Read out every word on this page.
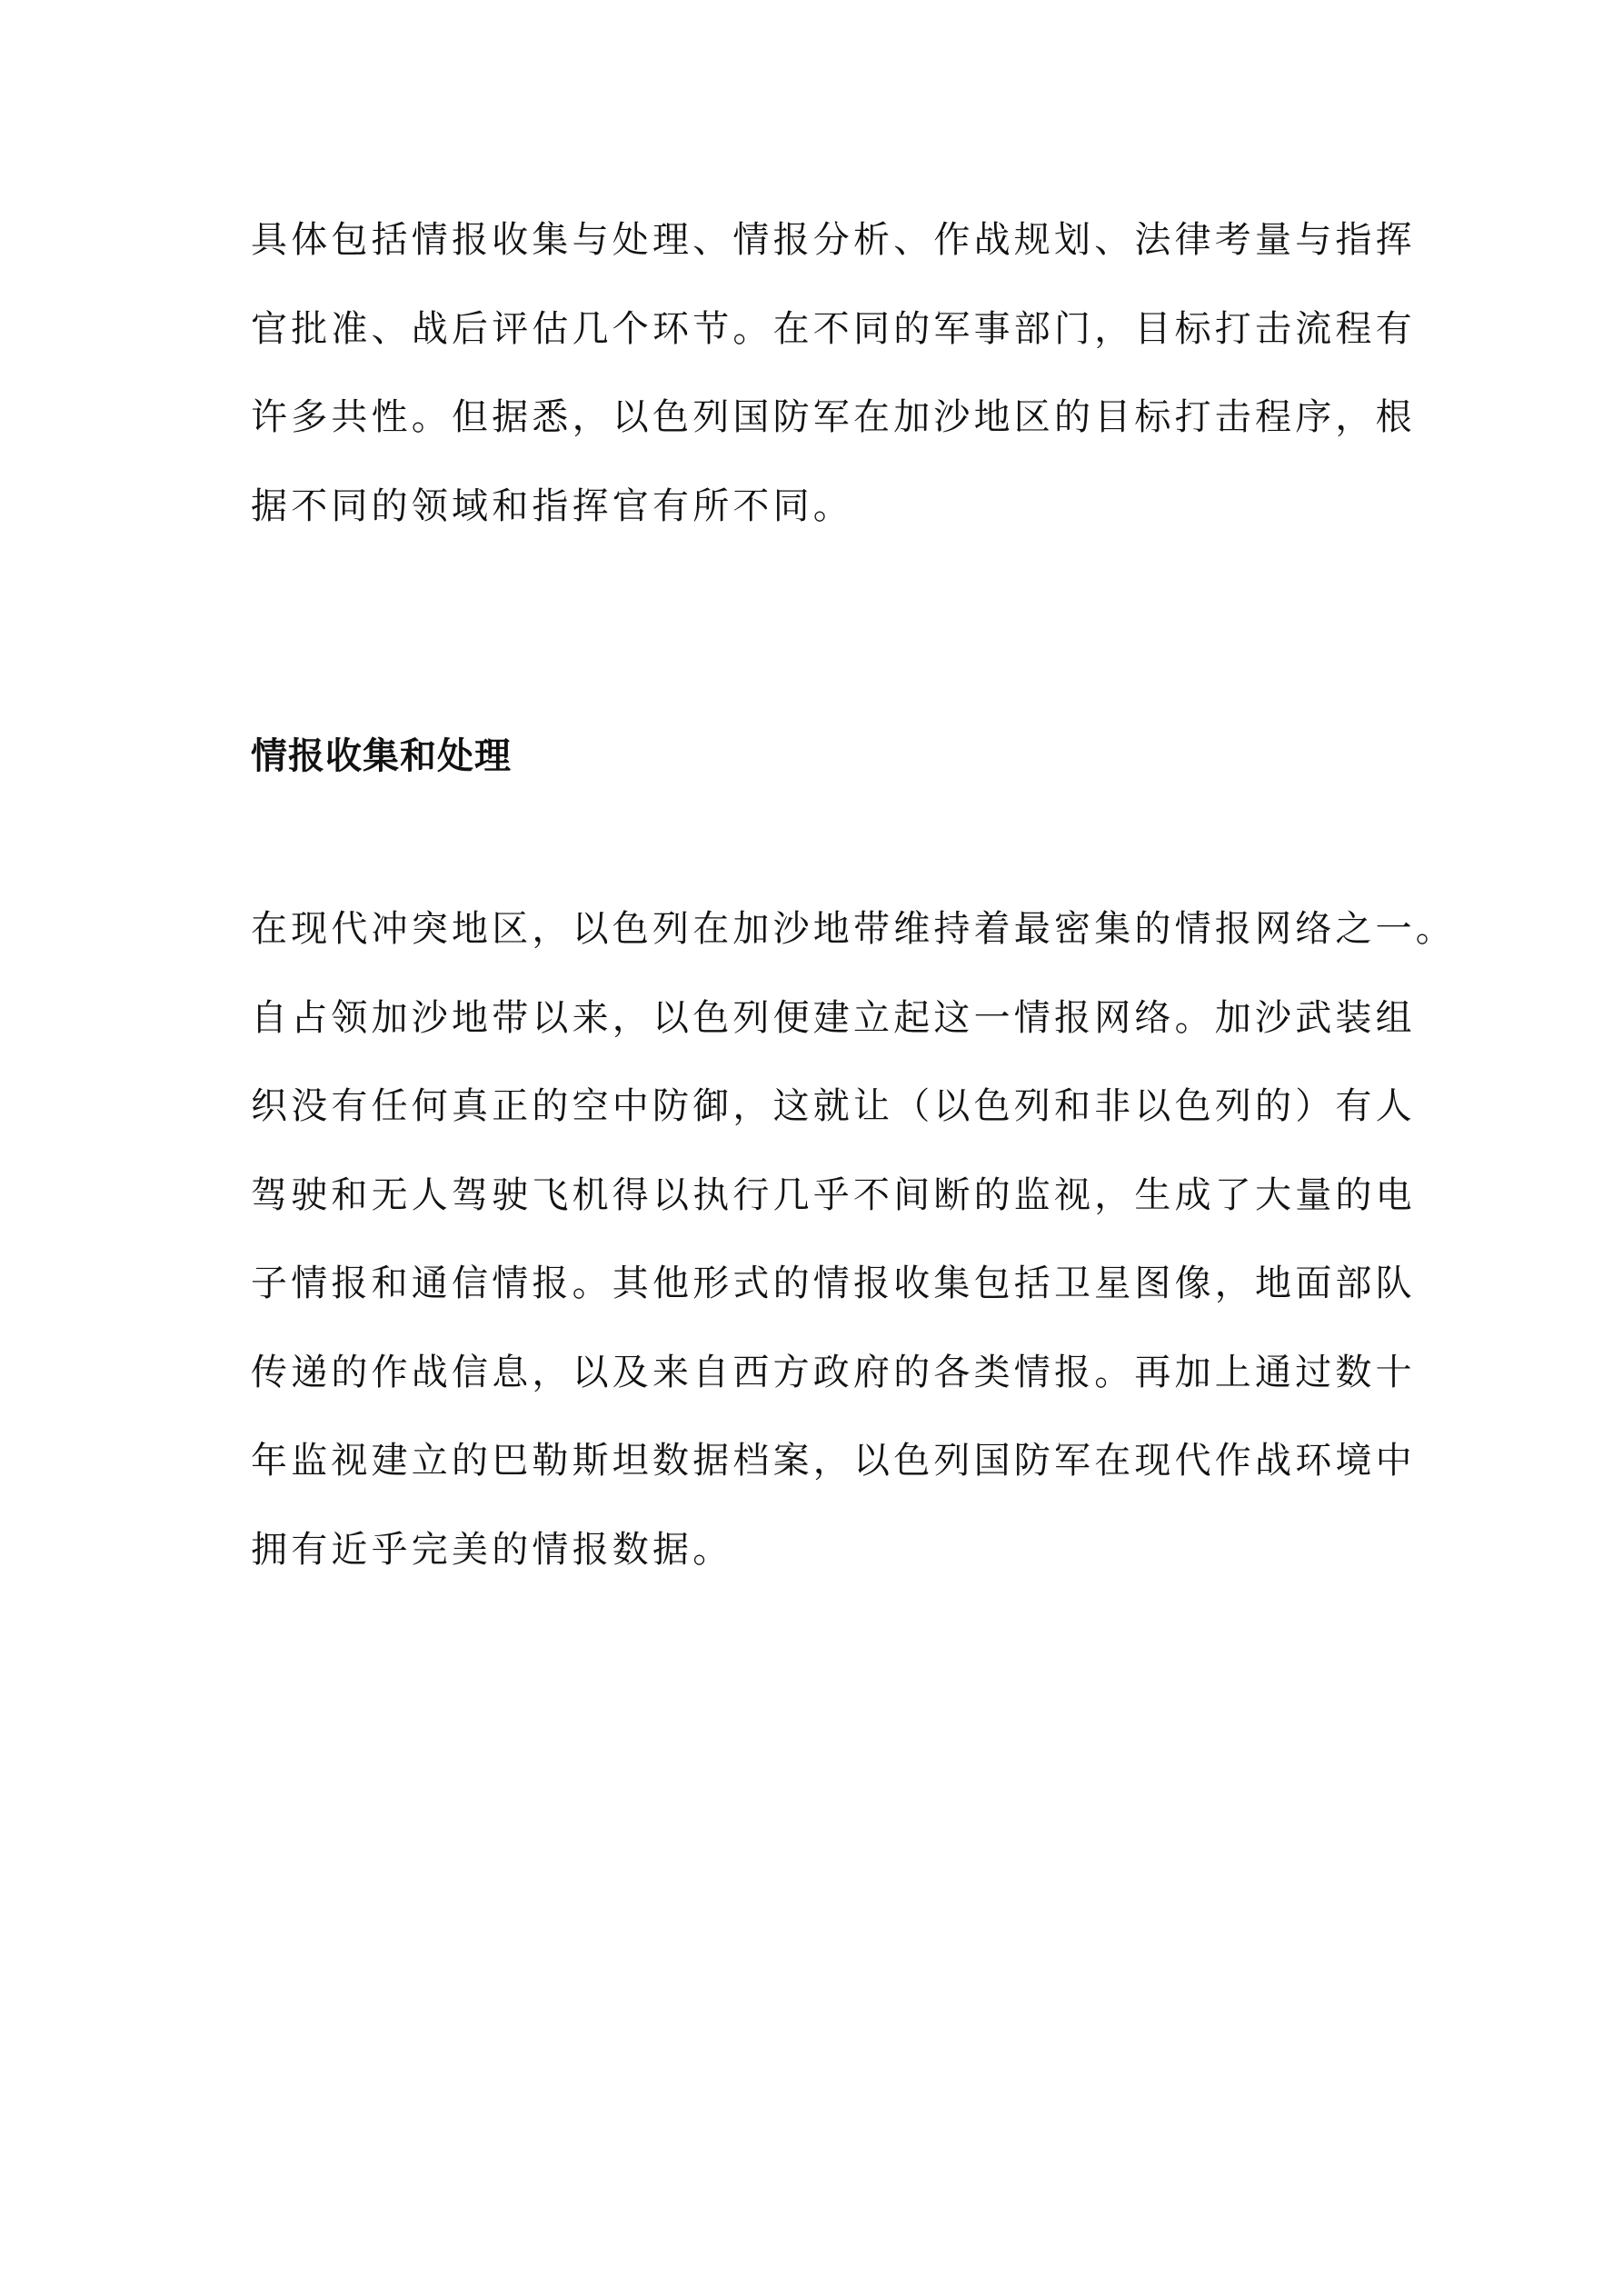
具体包括情报收集与处理、情报分析、作战规划、法律考量与指挥

官批准、战后评估几个环节。在不同的军事部门，目标打击流程有

许多共性。但据悉，以色列国防军在加沙地区的目标打击程序，根

据不同的领域和指挥官有所不同。

情报收集和处理

在现代冲突地区，以色列在加沙地带维持着最密集的情报网络之一。

自占领加沙地带以来，以色列便建立起这一情报网络。加沙武装组

织没有任何真正的空中防御，这就让（以色列和非以色列的）有人

驾驶和无人驾驶飞机得以执行几乎不间断的监视，生成了大量的电

子情报和通信情报。其他形式的情报收集包括卫星图像，地面部队

传递的作战信息，以及来自西方政府的各类情报。再加上通过数十

年监视建立的巴勒斯坦数据档案，以色列国防军在现代作战环境中

拥有近乎完美的情报数据。
